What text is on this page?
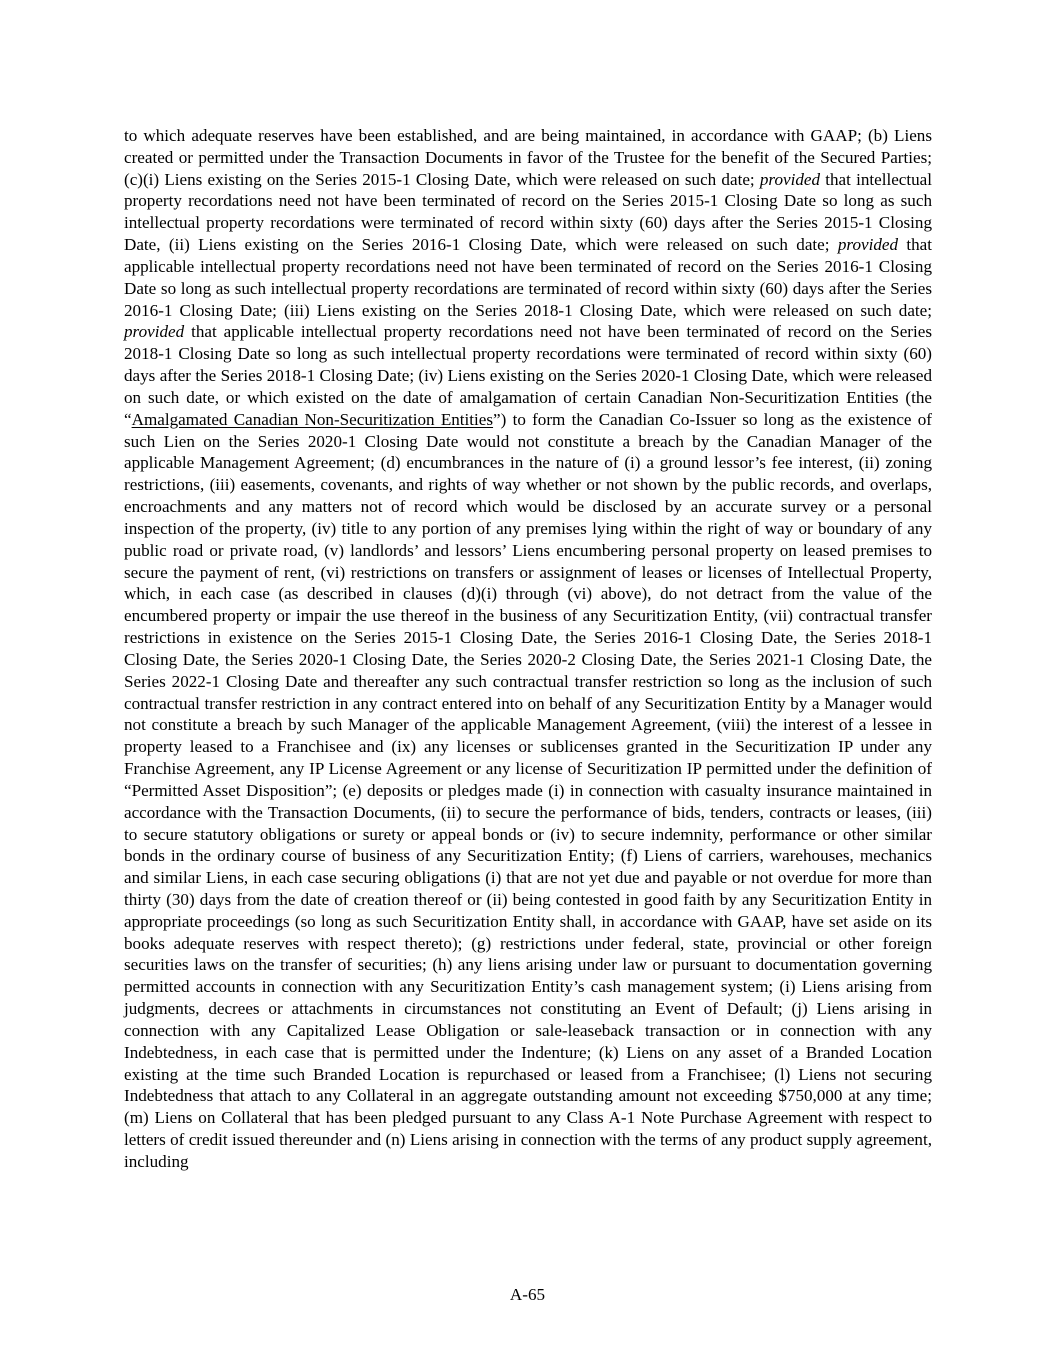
to which adequate reserves have been established, and are being maintained, in accordance with GAAP; (b) Liens created or permitted under the Transaction Documents in favor of the Trustee for the benefit of the Secured Parties; (c)(i) Liens existing on the Series 2015-1 Closing Date, which were released on such date; provided that intellectual property recordations need not have been terminated of record on the Series 2015-1 Closing Date so long as such intellectual property recordations were terminated of record within sixty (60) days after the Series 2015-1 Closing Date, (ii) Liens existing on the Series 2016-1 Closing Date, which were released on such date; provided that applicable intellectual property recordations need not have been terminated of record on the Series 2016-1 Closing Date so long as such intellectual property recordations are terminated of record within sixty (60) days after the Series 2016-1 Closing Date; (iii) Liens existing on the Series 2018-1 Closing Date, which were released on such date; provided that applicable intellectual property recordations need not have been terminated of record on the Series 2018-1 Closing Date so long as such intellectual property recordations were terminated of record within sixty (60) days after the Series 2018-1 Closing Date; (iv) Liens existing on the Series 2020-1 Closing Date, which were released on such date, or which existed on the date of amalgamation of certain Canadian Non-Securitization Entities (the “Amalgamated Canadian Non-Securitization Entities”) to form the Canadian Co-Issuer so long as the existence of such Lien on the Series 2020-1 Closing Date would not constitute a breach by the Canadian Manager of the applicable Management Agreement; (d) encumbrances in the nature of (i) a ground lessor’s fee interest, (ii) zoning restrictions, (iii) easements, covenants, and rights of way whether or not shown by the public records, and overlaps, encroachments and any matters not of record which would be disclosed by an accurate survey or a personal inspection of the property, (iv) title to any portion of any premises lying within the right of way or boundary of any public road or private road, (v) landlords’ and lessors’ Liens encumbering personal property on leased premises to secure the payment of rent, (vi) restrictions on transfers or assignment of leases or licenses of Intellectual Property, which, in each case (as described in clauses (d)(i) through (vi) above), do not detract from the value of the encumbered property or impair the use thereof in the business of any Securitization Entity, (vii) contractual transfer restrictions in existence on the Series 2015-1 Closing Date, the Series 2016-1 Closing Date, the Series 2018-1 Closing Date, the Series 2020-1 Closing Date, the Series 2020-2 Closing Date, the Series 2021-1 Closing Date, the Series 2022-1 Closing Date and thereafter any such contractual transfer restriction so long as the inclusion of such contractual transfer restriction in any contract entered into on behalf of any Securitization Entity by a Manager would not constitute a breach by such Manager of the applicable Management Agreement, (viii) the interest of a lessee in property leased to a Franchisee and (ix) any licenses or sublicenses granted in the Securitization IP under any Franchise Agreement, any IP License Agreement or any license of Securitization IP permitted under the definition of “Permitted Asset Disposition”; (e) deposits or pledges made (i) in connection with casualty insurance maintained in accordance with the Transaction Documents, (ii) to secure the performance of bids, tenders, contracts or leases, (iii) to secure statutory obligations or surety or appeal bonds or (iv) to secure indemnity, performance or other similar bonds in the ordinary course of business of any Securitization Entity; (f) Liens of carriers, warehouses, mechanics and similar Liens, in each case securing obligations (i) that are not yet due and payable or not overdue for more than thirty (30) days from the date of creation thereof or (ii) being contested in good faith by any Securitization Entity in appropriate proceedings (so long as such Securitization Entity shall, in accordance with GAAP, have set aside on its books adequate reserves with respect thereto); (g) restrictions under federal, state, provincial or other foreign securities laws on the transfer of securities; (h) any liens arising under law or pursuant to documentation governing permitted accounts in connection with any Securitization Entity’s cash management system; (i) Liens arising from judgments, decrees or attachments in circumstances not constituting an Event of Default; (j) Liens arising in connection with any Capitalized Lease Obligation or sale-leaseback transaction or in connection with any Indebtedness, in each case that is permitted under the Indenture; (k) Liens on any asset of a Branded Location existing at the time such Branded Location is repurchased or leased from a Franchisee; (l) Liens not securing Indebtedness that attach to any Collateral in an aggregate outstanding amount not exceeding $750,000 at any time; (m) Liens on Collateral that has been pledged pursuant to any Class A-1 Note Purchase Agreement with respect to letters of credit issued thereunder and (n) Liens arising in connection with the terms of any product supply agreement, including

A-65
